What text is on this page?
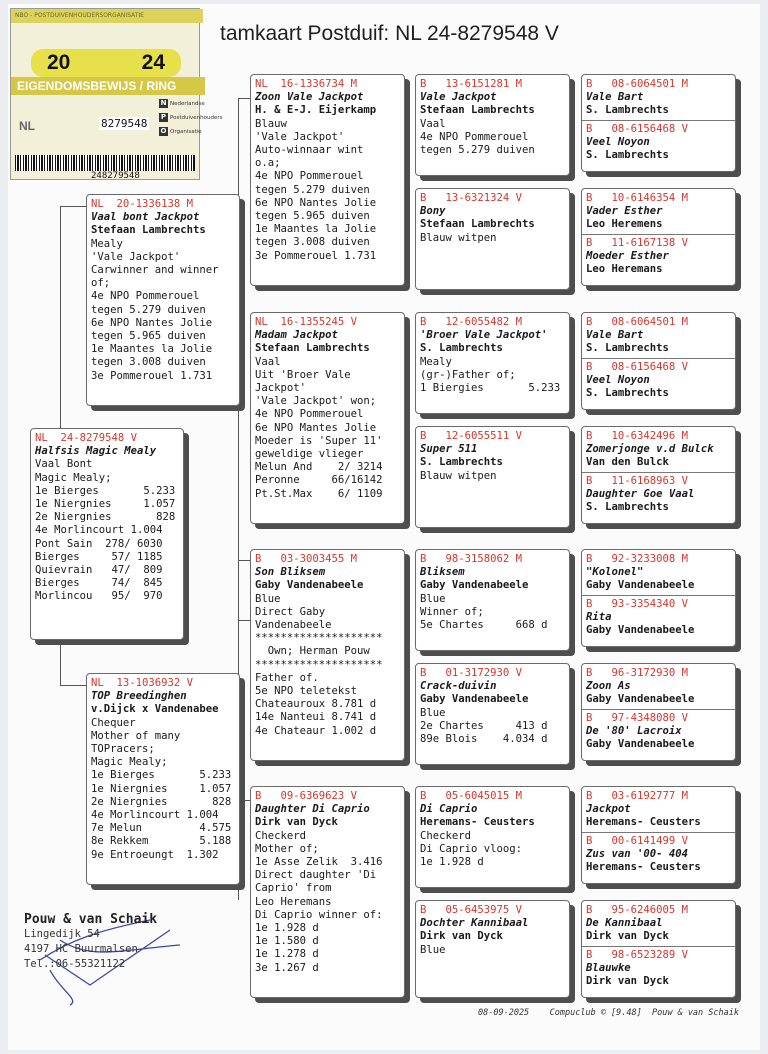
tamkaart Postduif: NL 24-8279548 V
NBO - POSTDUIVENHOUDERSORGANISATIE
20	24
EIGENDOMSBEWIJS / RING
NL	8279548
N Nederlandse
P Postduivenhouders
O Organisatie
248279548
NL  24-8279548 V
Halfsis Magic Mealy
Vaal Bont
Magic Mealy;
1e Bierges       5.233
1e Niergnies     1.057
2e Niergnies       828
4e Morlincourt 1.004
Pont Sain  278/ 6030
Bierges     57/ 1185
Quievrain   47/  809
Bierges     74/  845
Morlincou   95/  970
NL  20-1336138 M
Vaal bont Jackpot
Stefaan Lambrechts
Mealy
'Vale Jackpot'
Carwinner and winner
of;
4e NPO Pommerouel
tegen 5.279 duiven
6e NPO Nantes Jolie
tegen 5.965 duiven
1e Maantes la Jolie
tegen 3.008 duiven
3e Pommerouel 1.731
NL  13-1036932 V
TOP Breedinghen
v.Dijck x Vandenabee
Chequer
Mother of many
TOPracers;
Magic Mealy;
1e Bierges       5.233
1e Niergnies     1.057
2e Niergnies       828
4e Morlincourt 1.004
7e Melun         4.575
8e Rekkem        5.188
9e Entroeungt  1.302
NL  16-1336734 M
Zoon Vale Jackpot
H. & E-J. Eijerkamp
Blauw
'Vale Jackpot'
Auto-winnaar wint
o.a;
4e NPO Pommerouel
tegen 5.279 duiven
6e NPO Nantes Jolie
tegen 5.965 duiven
1e Maantes la Jolie
tegen 3.008 duiven
3e Pommerouel 1.731
NL  16-1355245 V
Madam Jackpot
Stefaan Lambrechts
Vaal
Uit 'Broer Vale
Jackpot'
'Vale Jackpot' won;
4e NPO Pommerouel
6e NPO Mantes Jolie
Moeder is 'Super 11'
geweldige vlieger
Melun And    2/ 3214
Peronne     66/16142
Pt.St.Max    6/ 1109
B   03-3003455 M
Son Bliksem
Gaby Vandenabeele
Blue
Direct Gaby
Vandenabeele
********************
Own; Herman Pouw
********************
Father of.
5e NPO teletekst
Chateauroux 8.781 d
14e Nanteui 8.741 d
4e Chateaur 1.002 d
B   09-6369623 V
Daughter Di Caprio
Dirk van Dyck
Checkerd
Mother of;
1e Asse Zelik  3.416
Direct daughter 'Di
Caprio' from
Leo Heremans
Di Caprio winner of:
1e 1.928 d
1e 1.580 d
1e 1.278 d
3e 1.267 d
B   13-6151281 M
Vale Jackpot
Stefaan Lambrechts
Vaal
4e NPO Pommerouel
tegen 5.279 duiven
B   13-6321324 V
Bony
Stefaan Lambrechts
Blauw witpen
B   12-6055482 M
'Broer Vale Jackpot'
S. Lambrechts
Mealy
(gr-)Father of;
1 Biergies       5.233
B   12-6055511 V
Super 511
S. Lambrechts
Blauw witpen
B   98-3158062 M
Bliksem
Gaby Vandenabeele
Blue
Winner of;
5e Chartes     668 d
B   01-3172930 V
Crack-duivin
Gaby Vandenabeele
Blue
2e Chartes     413 d
89e Blois    4.034 d
B   05-6045015 M
Di Caprio
Heremans- Ceusters
Checkerd
Di Caprio vloog:
1e 1.928 d
B   05-6453975 V
Dochter Kannibaal
Dirk van Dyck
Blue
B   08-6064501 M
Vale Bart
S. Lambrechts
B   08-6156468 V
Veel Noyon
S. Lambrechts
B   10-6146354 M
Vader Esther
Leo Heremens
B   11-6167138 V
Moeder Esther
Leo Heremans
B   08-6064501 M
Vale Bart
S. Lambrechts
B   08-6156468 V
Veel Noyon
S. Lambrechts
B   10-6342496 M
Zomerjonge v.d Bulck
Van den Bulck
B   11-6168963 V
Daughter Goe Vaal
S. Lambrechts
B   92-3233008 M
"Kolonel"
Gaby Vandenabeele
B   93-3354340 V
Rita
Gaby Vandenabeele
B   96-3172930 M
Zoon As
Gaby Vandenabeele
B   97-4348080 V
De '80' Lacroix
Gaby Vandenabeele
B   03-6192777 M
Jackpot
Heremans- Ceusters
B   00-6141499 V
Zus van '00- 404
Heremans- Ceusters
B   95-6246005 M
De Kannibaal
Dirk van Dyck
B   98-6523289 V
Blauwke
Dirk van Dyck
Pouw & van Schaik
Lingedijk 54
4197 HC Buurmalsen
Tel.:06-55321122
08-09-2025    Compuclub © [9.48]  Pouw & van Schaik
